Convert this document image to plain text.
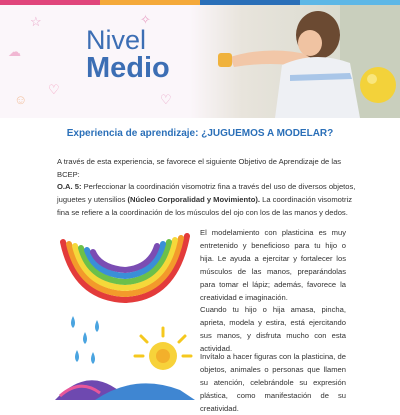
☆
☁
♡
☺
✧
♡
Nivel
Medio
Experiencia de aprendizaje: ¿JUGUEMOS A MODELAR?

A través de esta experiencia, se favorece el siguiente Objetivo de Aprendizaje de las BCEP:

O.A. 5: Perfeccionar la coordinación visomotriz fina a través del uso de diversos objetos, juguetes y utensilios (Núcleo Corporalidad y Movimiento). La coordinación visomotriz fina se refiere a la coordinación de los músculos del ojo con los de las manos y dedos.

El modelamiento con plasticina es muy entretenido y beneficioso para tu hijo o hija. Le ayuda a ejercitar y fortalecer los músculos de las manos, preparándolas para tomar el lápiz; además, favorece la creatividad e imaginación.

Cuando tu hijo o hija amasa, pincha, aprieta, modela y estira, está ejercitando sus manos, y disfruta mucho con esta actividad.

Invítalo a hacer figuras con la plasticina, de objetos, animales o personas que llamen su atención, celebrándole su expresión plástica, como manifestación de su creatividad.
